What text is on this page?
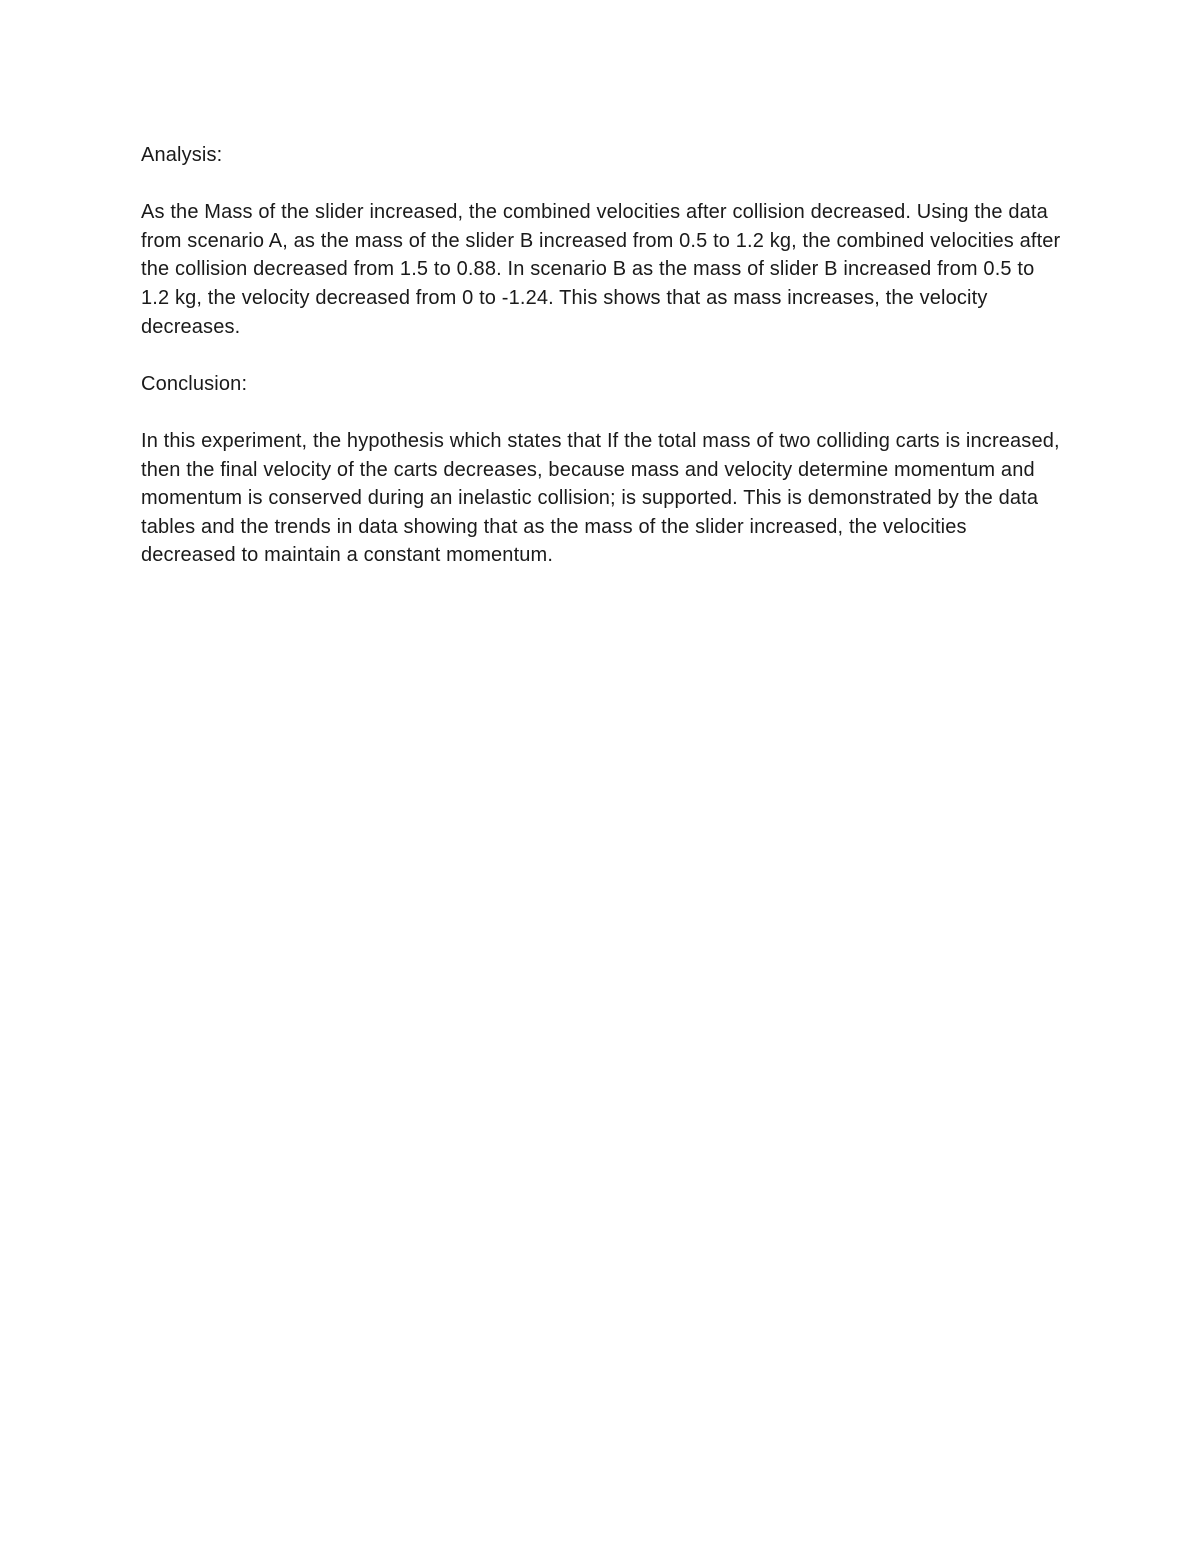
Analysis:

As the Mass of the slider increased, the combined velocities after collision decreased. Using the data from scenario A, as the mass of the slider B increased from 0.5 to 1.2 kg, the combined velocities after the collision decreased from 1.5 to 0.88. In scenario B as the mass of slider B increased from 0.5 to 1.2 kg, the velocity decreased from 0 to -1.24. This shows that as mass increases, the velocity decreases.

Conclusion:

In this experiment, the hypothesis which states that If the total mass of two colliding carts is increased, then the final velocity of the carts decreases, because mass and velocity determine momentum and momentum is conserved during an inelastic collision; is supported. This is demonstrated by the data tables and the trends in data showing that as the mass of the slider increased, the velocities decreased to maintain a constant momentum.
